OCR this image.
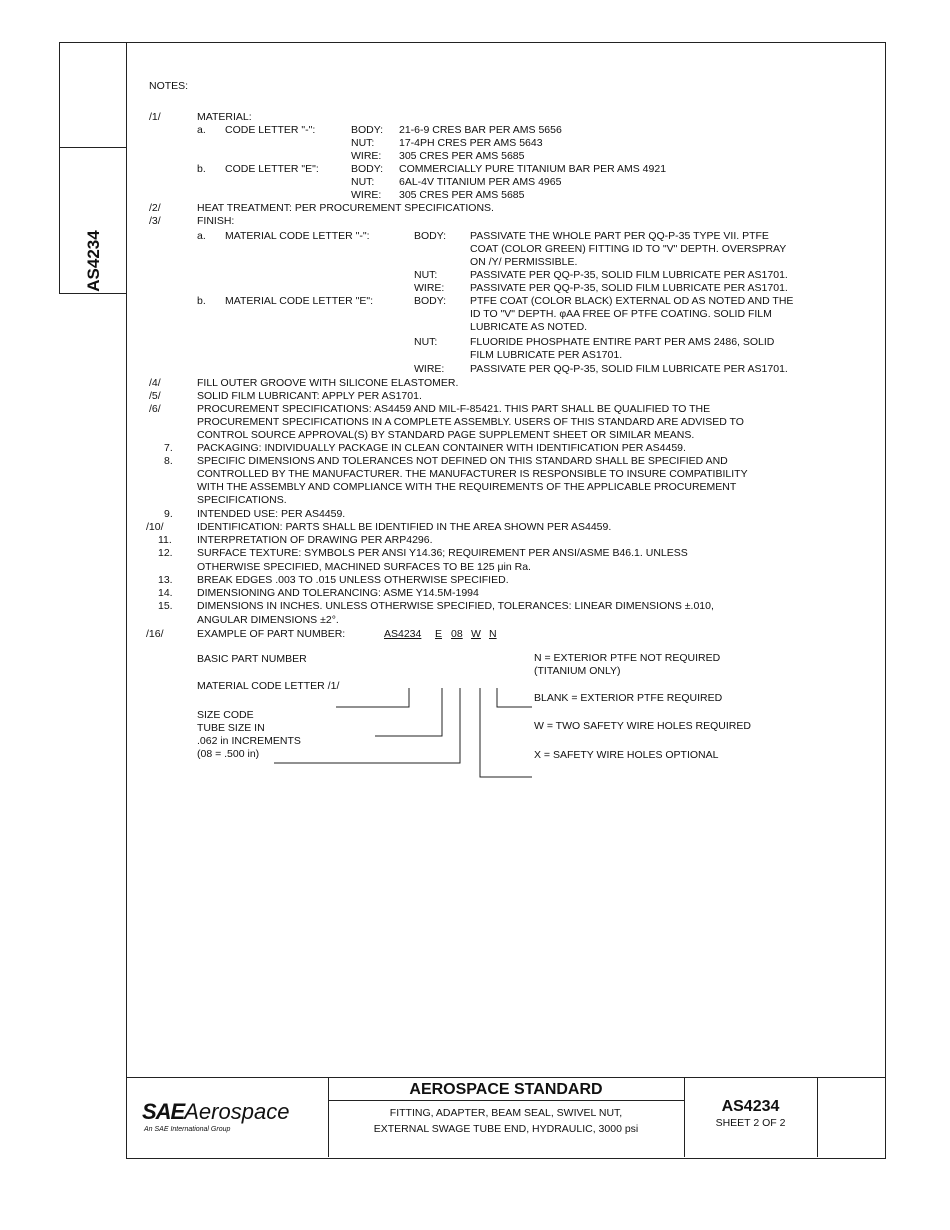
AS4234
NOTES:
/1/	MATERIAL:
a. CODE LETTER "-":	BODY: 21-6-9 CRES BAR PER AMS 5656
NUT: 17-4PH CRES PER AMS 5643
WIRE: 305 CRES PER AMS 5685
b. CODE LETTER "E":	BODY: COMMERCIALLY PURE TITANIUM BAR PER AMS 4921
NUT: 6AL-4V TITANIUM PER AMS 4965
WIRE: 305 CRES PER AMS 5685
/2/	HEAT TREATMENT: PER PROCUREMENT SPECIFICATIONS.
/3/	FINISH:
a. MATERIAL CODE LETTER "-":	BODY: PASSIVATE THE WHOLE PART PER QQ-P-35 TYPE VII. PTFE
COAT (COLOR GREEN) FITTING ID TO "V" DEPTH. OVERSPRAY
ON /Y/ PERMISSIBLE.
NUT:	PASSIVATE PER QQ-P-35, SOLID FILM LUBRICATE PER AS1701.
WIRE: PASSIVATE PER QQ-P-35, SOLID FILM LUBRICATE PER AS1701.
b. MATERIAL CODE LETTER "E":	BODY: PTFE COAT (COLOR BLACK) EXTERNAL OD AS NOTED AND THE
ID TO "V" DEPTH. φAA FREE OF PTFE COATING. SOLID FILM
LUBRICATE AS NOTED.
NUT:	FLUORIDE PHOSPHATE ENTIRE PART PER AMS 2486, SOLID
FILM LUBRICATE PER AS1701.
WIRE: PASSIVATE PER QQ-P-35, SOLID FILM LUBRICATE PER AS1701.
/4/	FILL OUTER GROOVE WITH SILICONE ELASTOMER.
/5/	SOLID FILM LUBRICANT: APPLY PER AS1701.
/6/	PROCUREMENT SPECIFICATIONS: AS4459 AND MIL-F-85421. THIS PART SHALL BE QUALIFIED TO THE
PROCUREMENT SPECIFICATIONS IN A COMPLETE ASSEMBLY. USERS OF THIS STANDARD ARE ADVISED TO
CONTROL SOURCE APPROVAL(S) BY STANDARD PAGE SUPPLEMENT SHEET OR SIMILAR MEANS.
7. PACKAGING: INDIVIDUALLY PACKAGE IN CLEAN CONTAINER WITH IDENTIFICATION PER AS4459.
8. SPECIFIC DIMENSIONS AND TOLERANCES NOT DEFINED ON THIS STANDARD SHALL BE SPECIFIED AND
CONTROLLED BY THE MANUFACTURER. THE MANUFACTURER IS RESPONSIBLE TO INSURE COMPATIBILITY
WITH THE ASSEMBLY AND COMPLIANCE WITH THE REQUIREMENTS OF THE APPLICABLE PROCUREMENT
SPECIFICATIONS.
9. INTENDED USE: PER AS4459.
/10/	IDENTIFICATION: PARTS SHALL BE IDENTIFIED IN THE AREA SHOWN PER AS4459.
11. INTERPRETATION OF DRAWING PER ARP4296.
12. SURFACE TEXTURE: SYMBOLS PER ANSI Y14.36; REQUIREMENT PER ANSI/ASME B46.1. UNLESS
OTHERWISE SPECIFIED, MACHINED SURFACES TO BE 125 μin Ra.
13. BREAK EDGES .003 TO .015 UNLESS OTHERWISE SPECIFIED.
14. DIMENSIONING AND TOLERANCING: ASME Y14.5M-1994
15. DIMENSIONS IN INCHES. UNLESS OTHERWISE SPECIFIED, TOLERANCES: LINEAR DIMENSIONS ±.010,
ANGULAR DIMENSIONS ±2°.
/16/	EXAMPLE OF PART NUMBER:	AS4234 E 08 W N
BASIC PART NUMBER
MATERIAL CODE LETTER /1/
SIZE CODE
TUBE SIZE IN
.062 in INCREMENTS
(08 = .500 in)
N = EXTERIOR PTFE NOT REQUIRED
(TITANIUM ONLY)
BLANK = EXTERIOR PTFE REQUIRED
W = TWO SAFETY WIRE HOLES REQUIRED
X = SAFETY WIRE HOLES OPTIONAL
SAEAerospace
An SAE International Group
AEROSPACE STANDARD
FITTING, ADAPTER, BEAM SEAL, SWIVEL NUT,
EXTERNAL SWAGE TUBE END, HYDRAULIC, 3000 psi
AS4234
SHEET 2 OF 2
